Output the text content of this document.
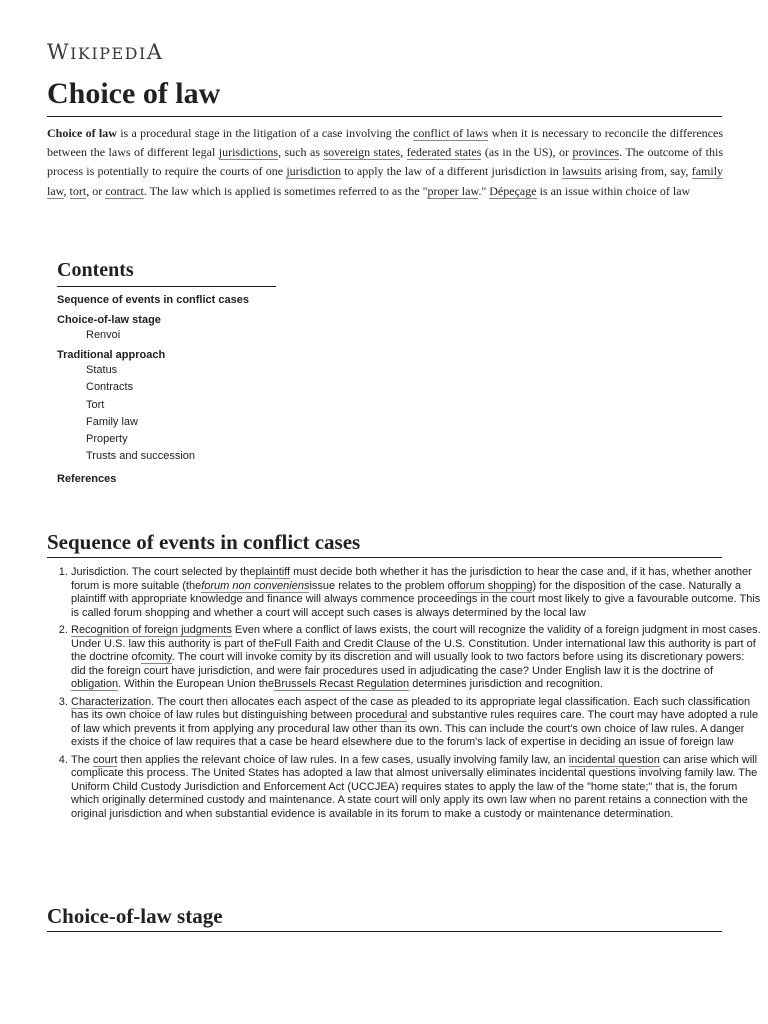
WIKIPEDIA
Choice of law
Choice of law is a procedural stage in the litigation of a case involving the conflict of laws when it is necessary to reconcile the differences between the laws of different legal jurisdictions, such as sovereign states, federated states (as in the US), or provinces. The outcome of this process is potentially to require the courts of one jurisdiction to apply the law of a different jurisdiction in lawsuits arising from, say, family law, tort, or contract. The law which is applied is sometimes referred to as the "proper law." Dépeçage is an issue within choice of law
Contents
Sequence of events in conflict cases
Choice-of-law stage
Renvoi
Traditional approach
Status
Contracts
Tort
Family law
Property
Trusts and succession
References
Sequence of events in conflict cases
1. Jurisdiction. The court selected by theplaintiff must decide both whether it has the jurisdiction to hear the case and, if it has, whether another forum is more suitable (theforum non conveniensissue relates to the problem offorum shopping) for the disposition of the case. Naturally a plaintiff with appropriate knowledge and finance will always commence proceedings in the court most likely to give a favourable outcome. This is called forum shopping and whether a court will accept such cases is always determined by the local law
2. Recognition of foreign judgments Even where a conflict of laws exists, the court will recognize the validity of a foreign judgment in most cases. Under U.S. law this authority is part of theFull Faith and Credit Clause of the U.S. Constitution. Under international law this authority is part of the doctrine ofcomity. The court will invoke comity by its discretion and will usually look to two factors before using its discretionary powers: did the foreign court have jurisdiction, and were fair procedures used in adjudicating the case? Under English law it is the doctrine of obligation. Within the European Union theBrussels Recast Regulation determines jurisdiction and recognition.
3. Characterization. The court then allocates each aspect of the case as pleaded to its appropriate legal classification. Each such classification has its own choice of law rules but distinguishing between procedural and substantive rules requires care. The court may have adopted a rule of law which prevents it from applying any procedural law other than its own. This can include the court's own choice of law rules. A danger exists if the choice of law requires that a case be heard elsewhere due to the forum's lack of expertise in deciding an issue of foreign law
4. The court then applies the relevant choice of law rules. In a few cases, usually involving family law, an incidental question can arise which will complicate this process. The United States has adopted a law that almost universally eliminates incidental questions involving family law. The Uniform Child Custody Jurisdiction and Enforcement Act (UCCJEA) requires states to apply the law of the "home state;" that is, the forum which originally determined custody and maintenance. A state court will only apply its own law when no parent retains a connection with the original jurisdiction and when substantial evidence is available in its forum to make a custody or maintenance determination.
Choice-of-law stage
